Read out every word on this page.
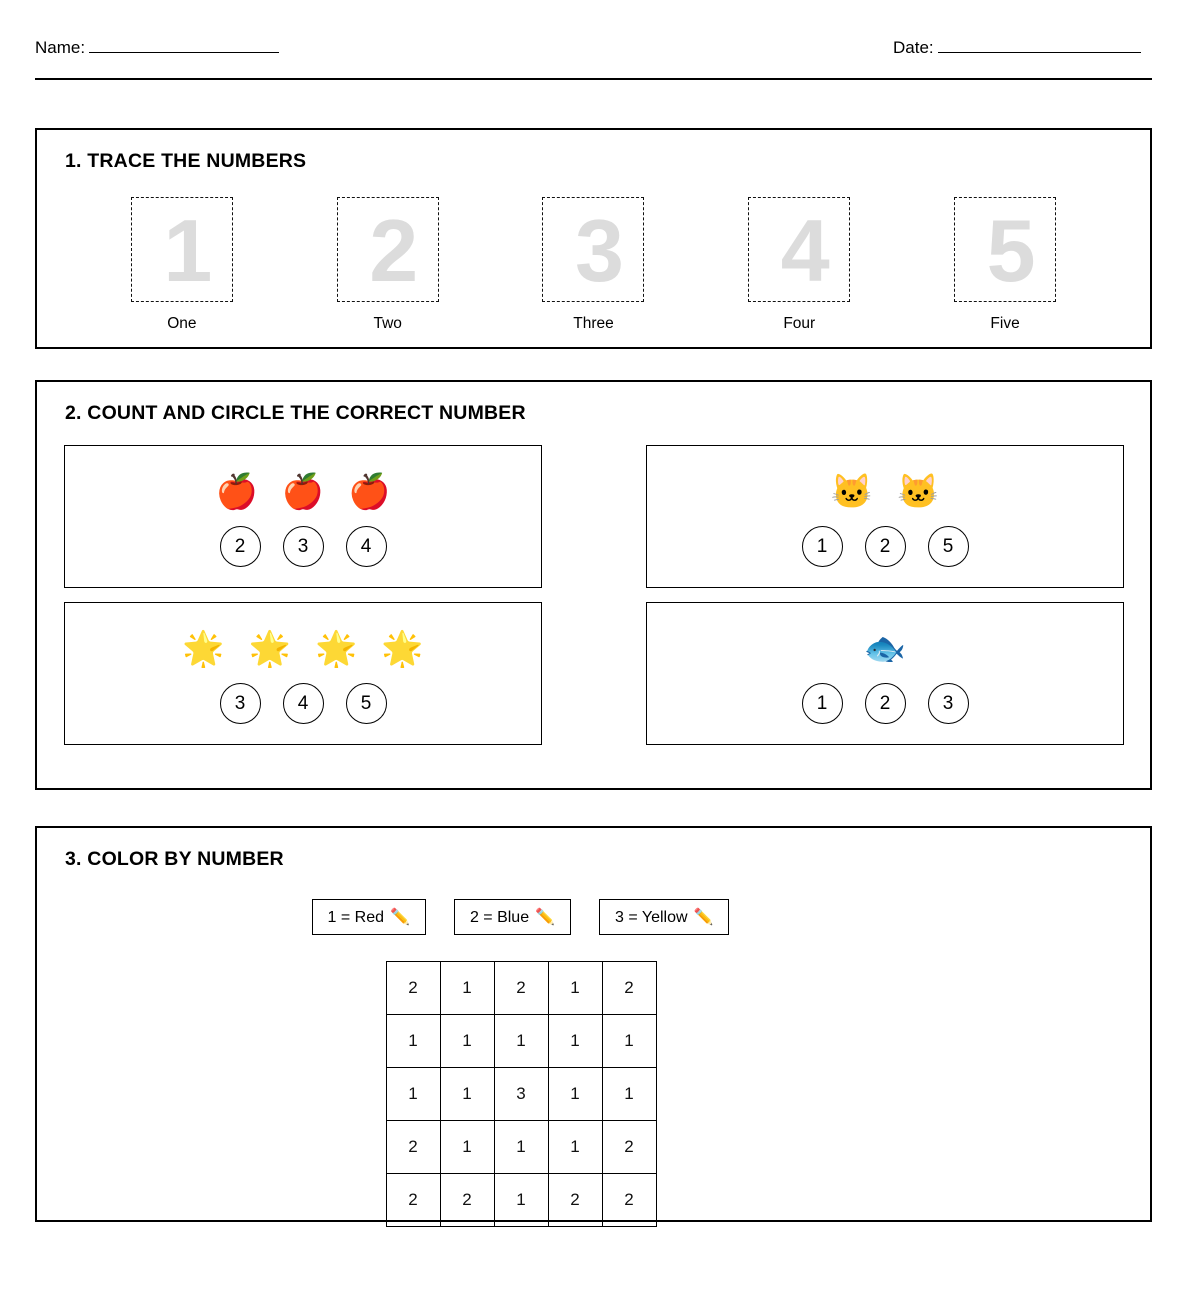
Name:	Date:
1. TRACE THE NUMBERS
1
One
2
Two
3
Three
4
Four
5
Five
2. COUNT AND CIRCLE THE CORRECT NUMBER
🍎 🍎 🍎
2	3	4
🐱 🐱
1	2	5
🌟 🌟 🌟 🌟
3	4	5
🐟
1	2	3
3. COLOR BY NUMBER
1 = Red ✏️	2 = Blue ✏️	3 = Yellow ✏️
2	1	2	1	2
1	1	1	1	1
1	1	3	1	1
2	1	1	1	2
2	2	1	2	2
